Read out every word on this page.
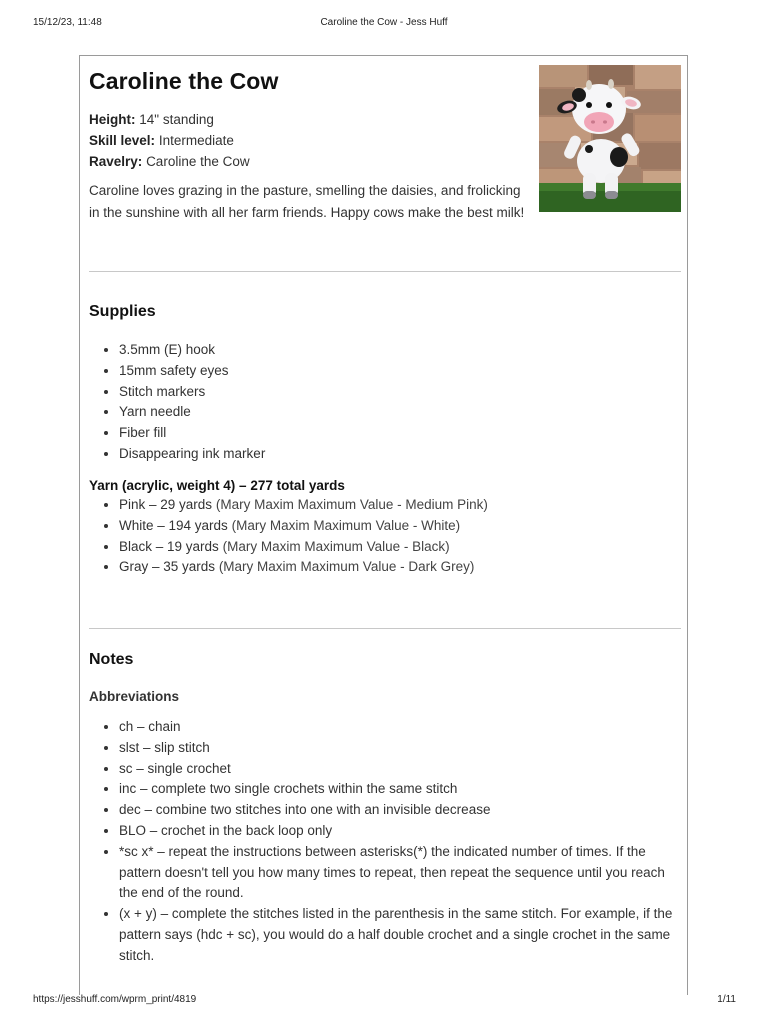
15/12/23, 11:48	Caroline the Cow - Jess Huff
Caroline the Cow
Height: 14" standing
Skill level: Intermediate
Ravelry: Caroline the Cow
Caroline loves grazing in the pasture, smelling the daisies, and frolicking in the sunshine with all her farm friends. Happy cows make the best milk!
Supplies
• 3.5mm (E) hook
• 15mm safety eyes
• Stitch markers
• Yarn needle
• Fiber fill
• Disappearing ink marker
Yarn (acrylic, weight 4) – 277 total yards
• Pink – 29 yards (Mary Maxim Maximum Value - Medium Pink)
• White – 194 yards (Mary Maxim Maximum Value - White)
• Black – 19 yards (Mary Maxim Maximum Value - Black)
• Gray – 35 yards (Mary Maxim Maximum Value - Dark Grey)
Notes
Abbreviations
• ch – chain
• slst – slip stitch
• sc – single crochet
• inc – complete two single crochets within the same stitch
• dec – combine two stitches into one with an invisible decrease
• BLO – crochet in the back loop only
• *sc x* – repeat the instructions between asterisks(*) the indicated number of times. If the pattern doesn't tell you how many times to repeat, then repeat the sequence until you reach the end of the round.
• (x + y) – complete the stitches listed in the parenthesis in the same stitch. For example, if the pattern says (hdc + sc), you would do a half double crochet and a single crochet in the same stitch.
https://jesshuff.com/wprm_print/4819	1/11
